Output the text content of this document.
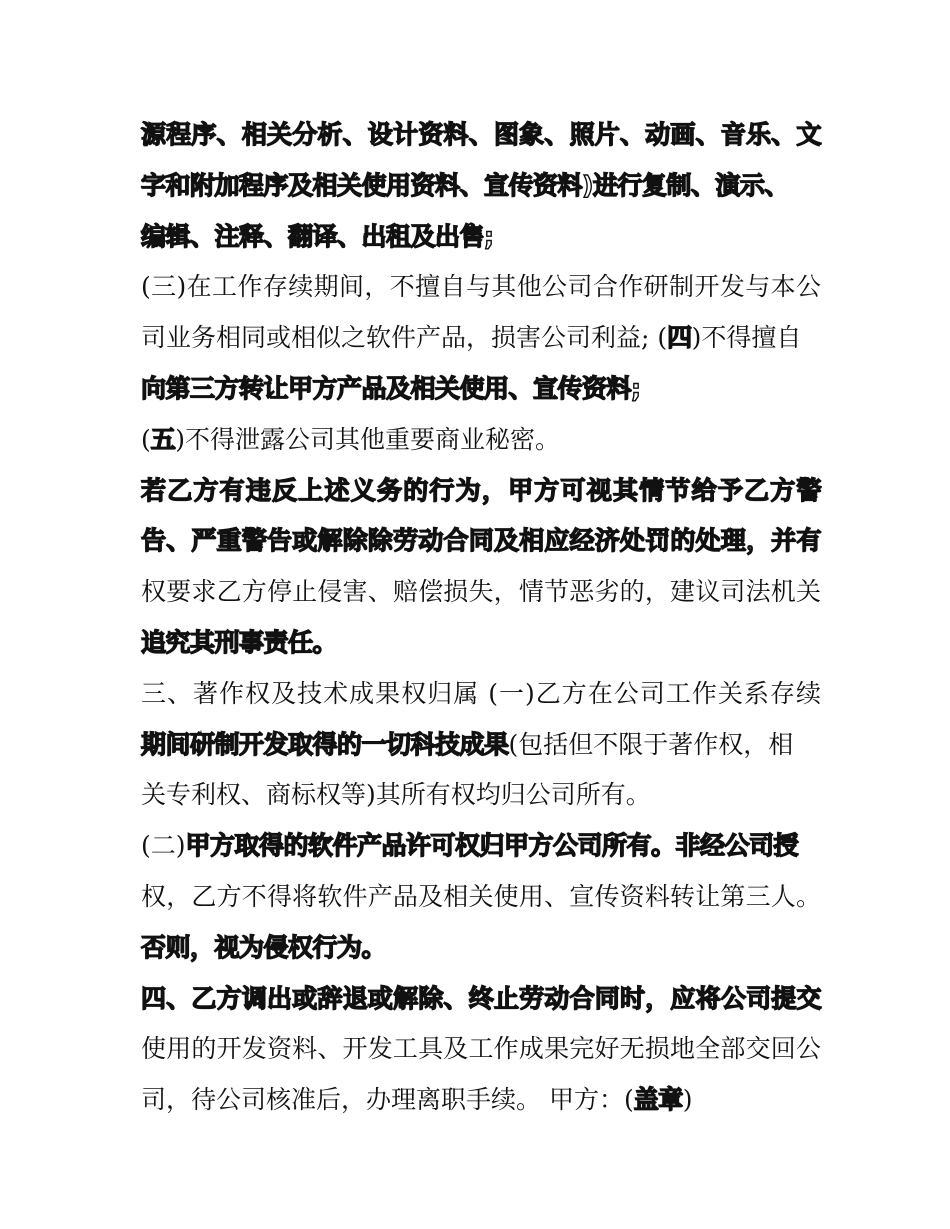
源程序、相关分析、设计资料、图象、照片、动画、音乐、文
字和附加程序及相关使用资料、宣传资料)进行复制、演示、
编辑、注释、翻译、出租及出售;
(三)在工作存续期间，不擅自与其他公司合作研制开发与本公
司业务相同或相似之软件产品，损害公司利益; (四)不得擅自
向第三方转让甲方产品及相关使用、宣传资料;
(五)不得泄露公司其他重要商业秘密。
若乙方有违反上述义务的行为，甲方可视其情节给予乙方警
告、严重警告或解除除劳动合同及相应经济处罚的处理，并有
权要求乙方停止侵害、赔偿损失，情节恶劣的，建议司法机关
追究其刑事责任。
三、著作权及技术成果权归属 (一)乙方在公司工作关系存续
期间研制开发取得的一切科技成果(包括但不限于著作权，相
关专利权、商标权等)其所有权均归公司所有。
(二)甲方取得的软件产品许可权归甲方公司所有。非经公司授
权，乙方不得将软件产品及相关使用、宣传资料转让第三人。
否则，视为侵权行为。
四、乙方调出或辞退或解除、终止劳动合同时，应将公司提交
使用的开发资料、开发工具及工作成果完好无损地全部交回公
司，待公司核准后，办理离职手续。 甲方：(盖章)
